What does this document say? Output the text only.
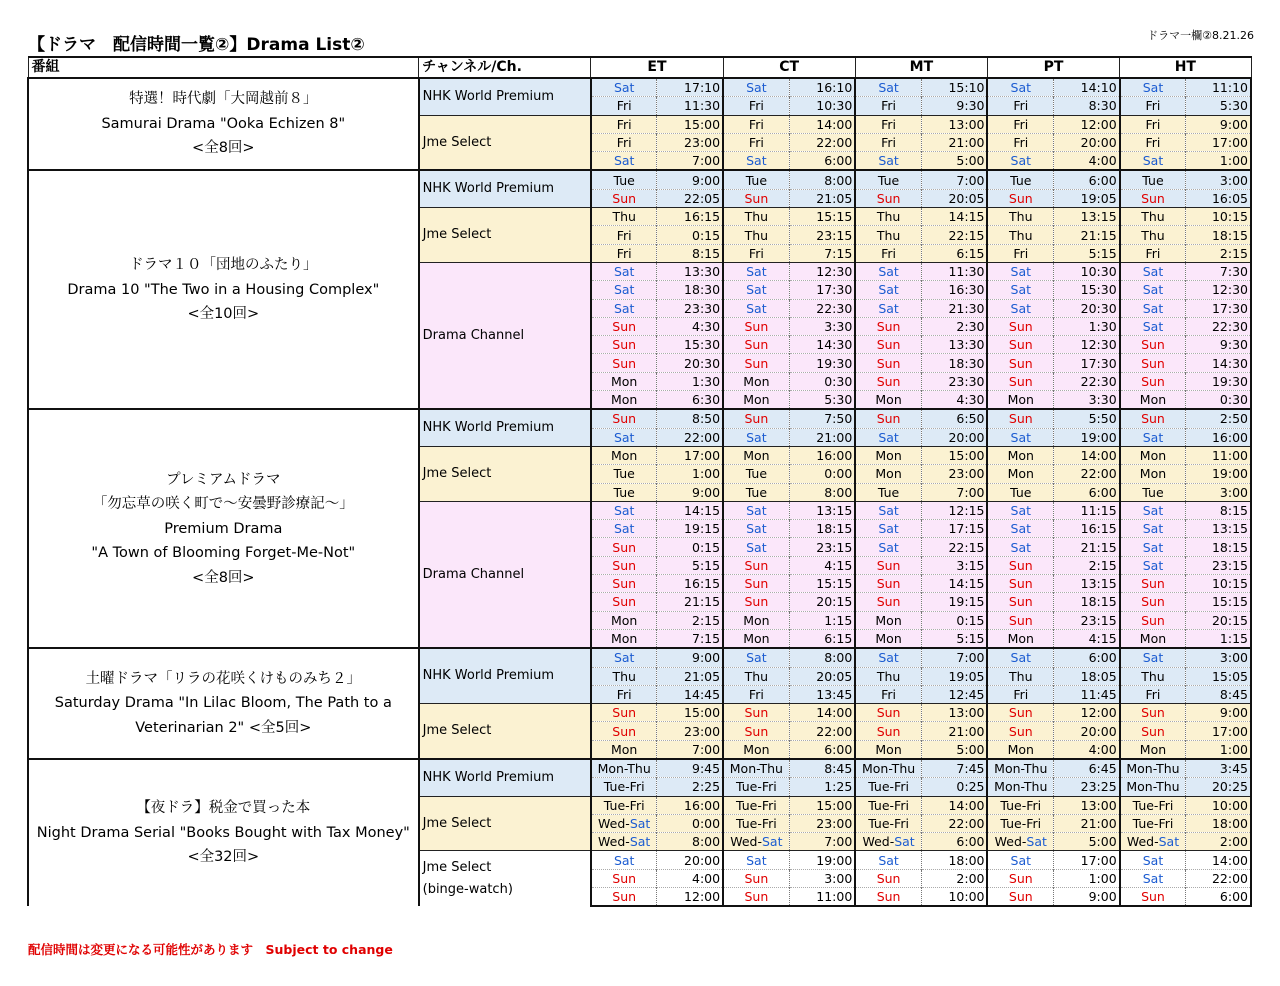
【ドラマ　配信時間一覧②】Drama List②	ドラマ一欄②8.21.26
番組	チャンネル/Ch.	ET		CT		MT		PT		HT	

特選！時代劇「大岡越前８」
Samurai Drama "Ooka Echizen 8"
<全8回>	NHK World Premium	Sat	17:10	Sat	16:10	Sat	15:10	Sat	14:10	Sat	11:10
		Fri	11:30	Fri	10:30	Fri	9:30	Fri	8:30	Fri	5:30
	Jme Select	Fri	15:00	Fri	14:00	Fri	13:00	Fri	12:00	Fri	9:00
		Fri	23:00	Fri	22:00	Fri	21:00	Fri	20:00	Fri	17:00
		Sat	7:00	Sat	6:00	Sat	5:00	Sat	4:00	Sat	1:00

ドラマ１０「団地のふたり」
Drama 10 "The Two in a Housing Complex"
<全10回>	NHK World Premium	Tue	9:00	Tue	8:00	Tue	7:00	Tue	6:00	Tue	3:00
		Sun	22:05	Sun	21:05	Sun	20:05	Sun	19:05	Sun	16:05
	Jme Select	Thu	16:15	Thu	15:15	Thu	14:15	Thu	13:15	Thu	10:15
		Fri	0:15	Thu	23:15	Thu	22:15	Thu	21:15	Thu	18:15
		Fri	8:15	Fri	7:15	Fri	6:15	Fri	5:15	Fri	2:15
	Drama Channel	Sat	13:30	Sat	12:30	Sat	11:30	Sat	10:30	Sat	7:30
		Sat	18:30	Sat	17:30	Sat	16:30	Sat	15:30	Sat	12:30
		Sat	23:30	Sat	22:30	Sat	21:30	Sat	20:30	Sat	17:30
		Sun	4:30	Sun	3:30	Sun	2:30	Sun	1:30	Sat	22:30
		Sun	15:30	Sun	14:30	Sun	13:30	Sun	12:30	Sun	9:30
		Sun	20:30	Sun	19:30	Sun	18:30	Sun	17:30	Sun	14:30
		Mon	1:30	Mon	0:30	Sun	23:30	Sun	22:30	Sun	19:30
		Mon	6:30	Mon	5:30	Mon	4:30	Mon	3:30	Mon	0:30

プレミアムドラマ
「勿忘草の咲く町で～安曇野診療記～」
Premium Drama
"A Town of Blooming Forget-Me-Not"
<全8回>	NHK World Premium	Sun	8:50	Sun	7:50	Sun	6:50	Sun	5:50	Sun	2:50
		Sat	22:00	Sat	21:00	Sat	20:00	Sat	19:00	Sat	16:00
	Jme Select	Mon	17:00	Mon	16:00	Mon	15:00	Mon	14:00	Mon	11:00
		Tue	1:00	Tue	0:00	Mon	23:00	Mon	22:00	Mon	19:00
		Tue	9:00	Tue	8:00	Tue	7:00	Tue	6:00	Tue	3:00
	Drama Channel	Sat	14:15	Sat	13:15	Sat	12:15	Sat	11:15	Sat	8:15
		Sat	19:15	Sat	18:15	Sat	17:15	Sat	16:15	Sat	13:15
		Sun	0:15	Sat	23:15	Sat	22:15	Sat	21:15	Sat	18:15
		Sun	5:15	Sun	4:15	Sun	3:15	Sun	2:15	Sat	23:15
		Sun	16:15	Sun	15:15	Sun	14:15	Sun	13:15	Sun	10:15
		Sun	21:15	Sun	20:15	Sun	19:15	Sun	18:15	Sun	15:15
		Mon	2:15	Mon	1:15	Mon	0:15	Sun	23:15	Sun	20:15
		Mon	7:15	Mon	6:15	Mon	5:15	Mon	4:15	Mon	1:15

土曜ドラマ「リラの花咲くけものみち２」
Saturday Drama "In Lilac Bloom, The Path to a Veterinarian 2" <全5回>	NHK World Premium	Sat	9:00	Sat	8:00	Sat	7:00	Sat	6:00	Sat	3:00
		Thu	21:05	Thu	20:05	Thu	19:05	Thu	18:05	Thu	15:05
		Fri	14:45	Fri	13:45	Fri	12:45	Fri	11:45	Fri	8:45
	Jme Select	Sun	15:00	Sun	14:00	Sun	13:00	Sun	12:00	Sun	9:00
		Sun	23:00	Sun	22:00	Sun	21:00	Sun	20:00	Sun	17:00
		Mon	7:00	Mon	6:00	Mon	5:00	Mon	4:00	Mon	1:00

【夜ドラ】税金で買った本
Night Drama Serial "Books Bought with Tax Money"<全32回>	NHK World Premium	Mon-Thu	9:45	Mon-Thu	8:45	Mon-Thu	7:45	Mon-Thu	6:45	Mon-Thu	3:45
		Tue-Fri	2:25	Tue-Fri	1:25	Tue-Fri	0:25	Mon-Thu	23:25	Mon-Thu	20:25
	Jme Select	Tue-Fri	16:00	Tue-Fri	15:00	Tue-Fri	14:00	Tue-Fri	13:00	Tue-Fri	10:00
		Wed-Sat	0:00	Tue-Fri	23:00	Tue-Fri	22:00	Tue-Fri	21:00	Tue-Fri	18:00
		Wed-Sat	8:00	Wed-Sat	7:00	Wed-Sat	6:00	Wed-Sat	5:00	Wed-Sat	2:00

	Jme Select
(binge-watch)	Sat	20:00	Sat	19:00	Sat	18:00	Sat	17:00	Sat	14:00
		Sun	4:00	Sun	3:00	Sun	2:00	Sun	1:00	Sat	22:00
		Sun	12:00	Sun	11:00	Sun	10:00	Sun	9:00	Sun	6:00
配信時間は変更になる可能性があります　Subject to change
